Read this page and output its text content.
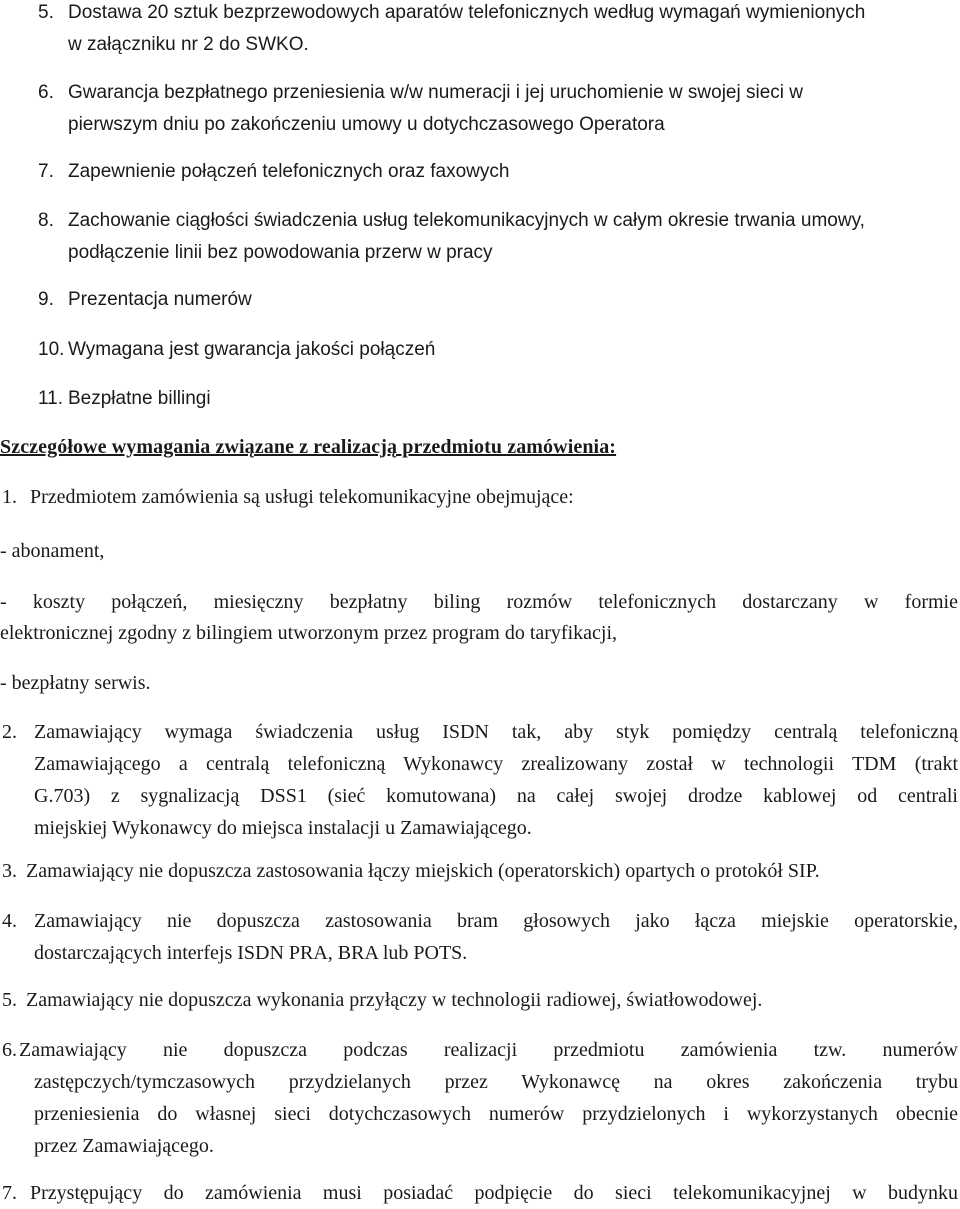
5. Dostawa 20 sztuk bezprzewodowych aparatów telefonicznych według wymagań wymienionych
w załączniku nr 2 do SWKO.
6. Gwarancja bezpłatnego przeniesienia w/w numeracji i jej uruchomienie w swojej sieci w
pierwszym dniu po zakończeniu umowy u dotychczasowego Operatora
7. Zapewnienie połączeń telefonicznych oraz faxowych
8. Zachowanie ciągłości świadczenia usług telekomunikacyjnych w całym okresie trwania umowy,
podłączenie linii bez powodowania przerw w pracy
9. Prezentacja numerów
10. Wymagana jest gwarancja jakości połączeń
11. Bezpłatne billingi
Szczegółowe wymagania związane z realizacją przedmiotu zamówienia:
1. Przedmiotem zamówienia są usługi telekomunikacyjne obejmujące:
- abonament,
- koszty połączeń, miesięczny bezpłatny biling rozmów telefonicznych dostarczany w formie
elektronicznej zgodny z bilingiem utworzonym przez program do taryfikacji,
- bezpłatny serwis.
2. Zamawiający wymaga świadczenia usług ISDN tak, aby styk pomiędzy centralą telefoniczną
Zamawiającego a centralą telefoniczną Wykonawcy zrealizowany został w technologii TDM (trakt
G.703) z sygnalizacją DSS1 (sieć komutowana) na całej swojej drodze kablowej od centrali
miejskiej Wykonawcy do miejsca instalacji u Zamawiającego.
3. Zamawiający nie dopuszcza zastosowania łączy miejskich (operatorskich) opartych o protokół SIP.
4. Zamawiający nie dopuszcza zastosowania bram głosowych jako łącza miejskie operatorskie,
dostarczających interfejs ISDN PRA, BRA lub POTS.
5. Zamawiający nie dopuszcza wykonania przyłączy w technologii radiowej, światłowodowej.
6. Zamawiający nie dopuszcza podczas realizacji przedmiotu zamówienia tzw. numerów
zastępczych/tymczasowych przydzielanych przez Wykonawcę na okres zakończenia trybu
przeniesienia do własnej sieci dotychczasowych numerów przydzielonych i wykorzystanych obecnie
przez Zamawiającego.
7. Przystępujący do zamówienia musi posiadać podpięcie do sieci telekomunikacyjnej w budynku
